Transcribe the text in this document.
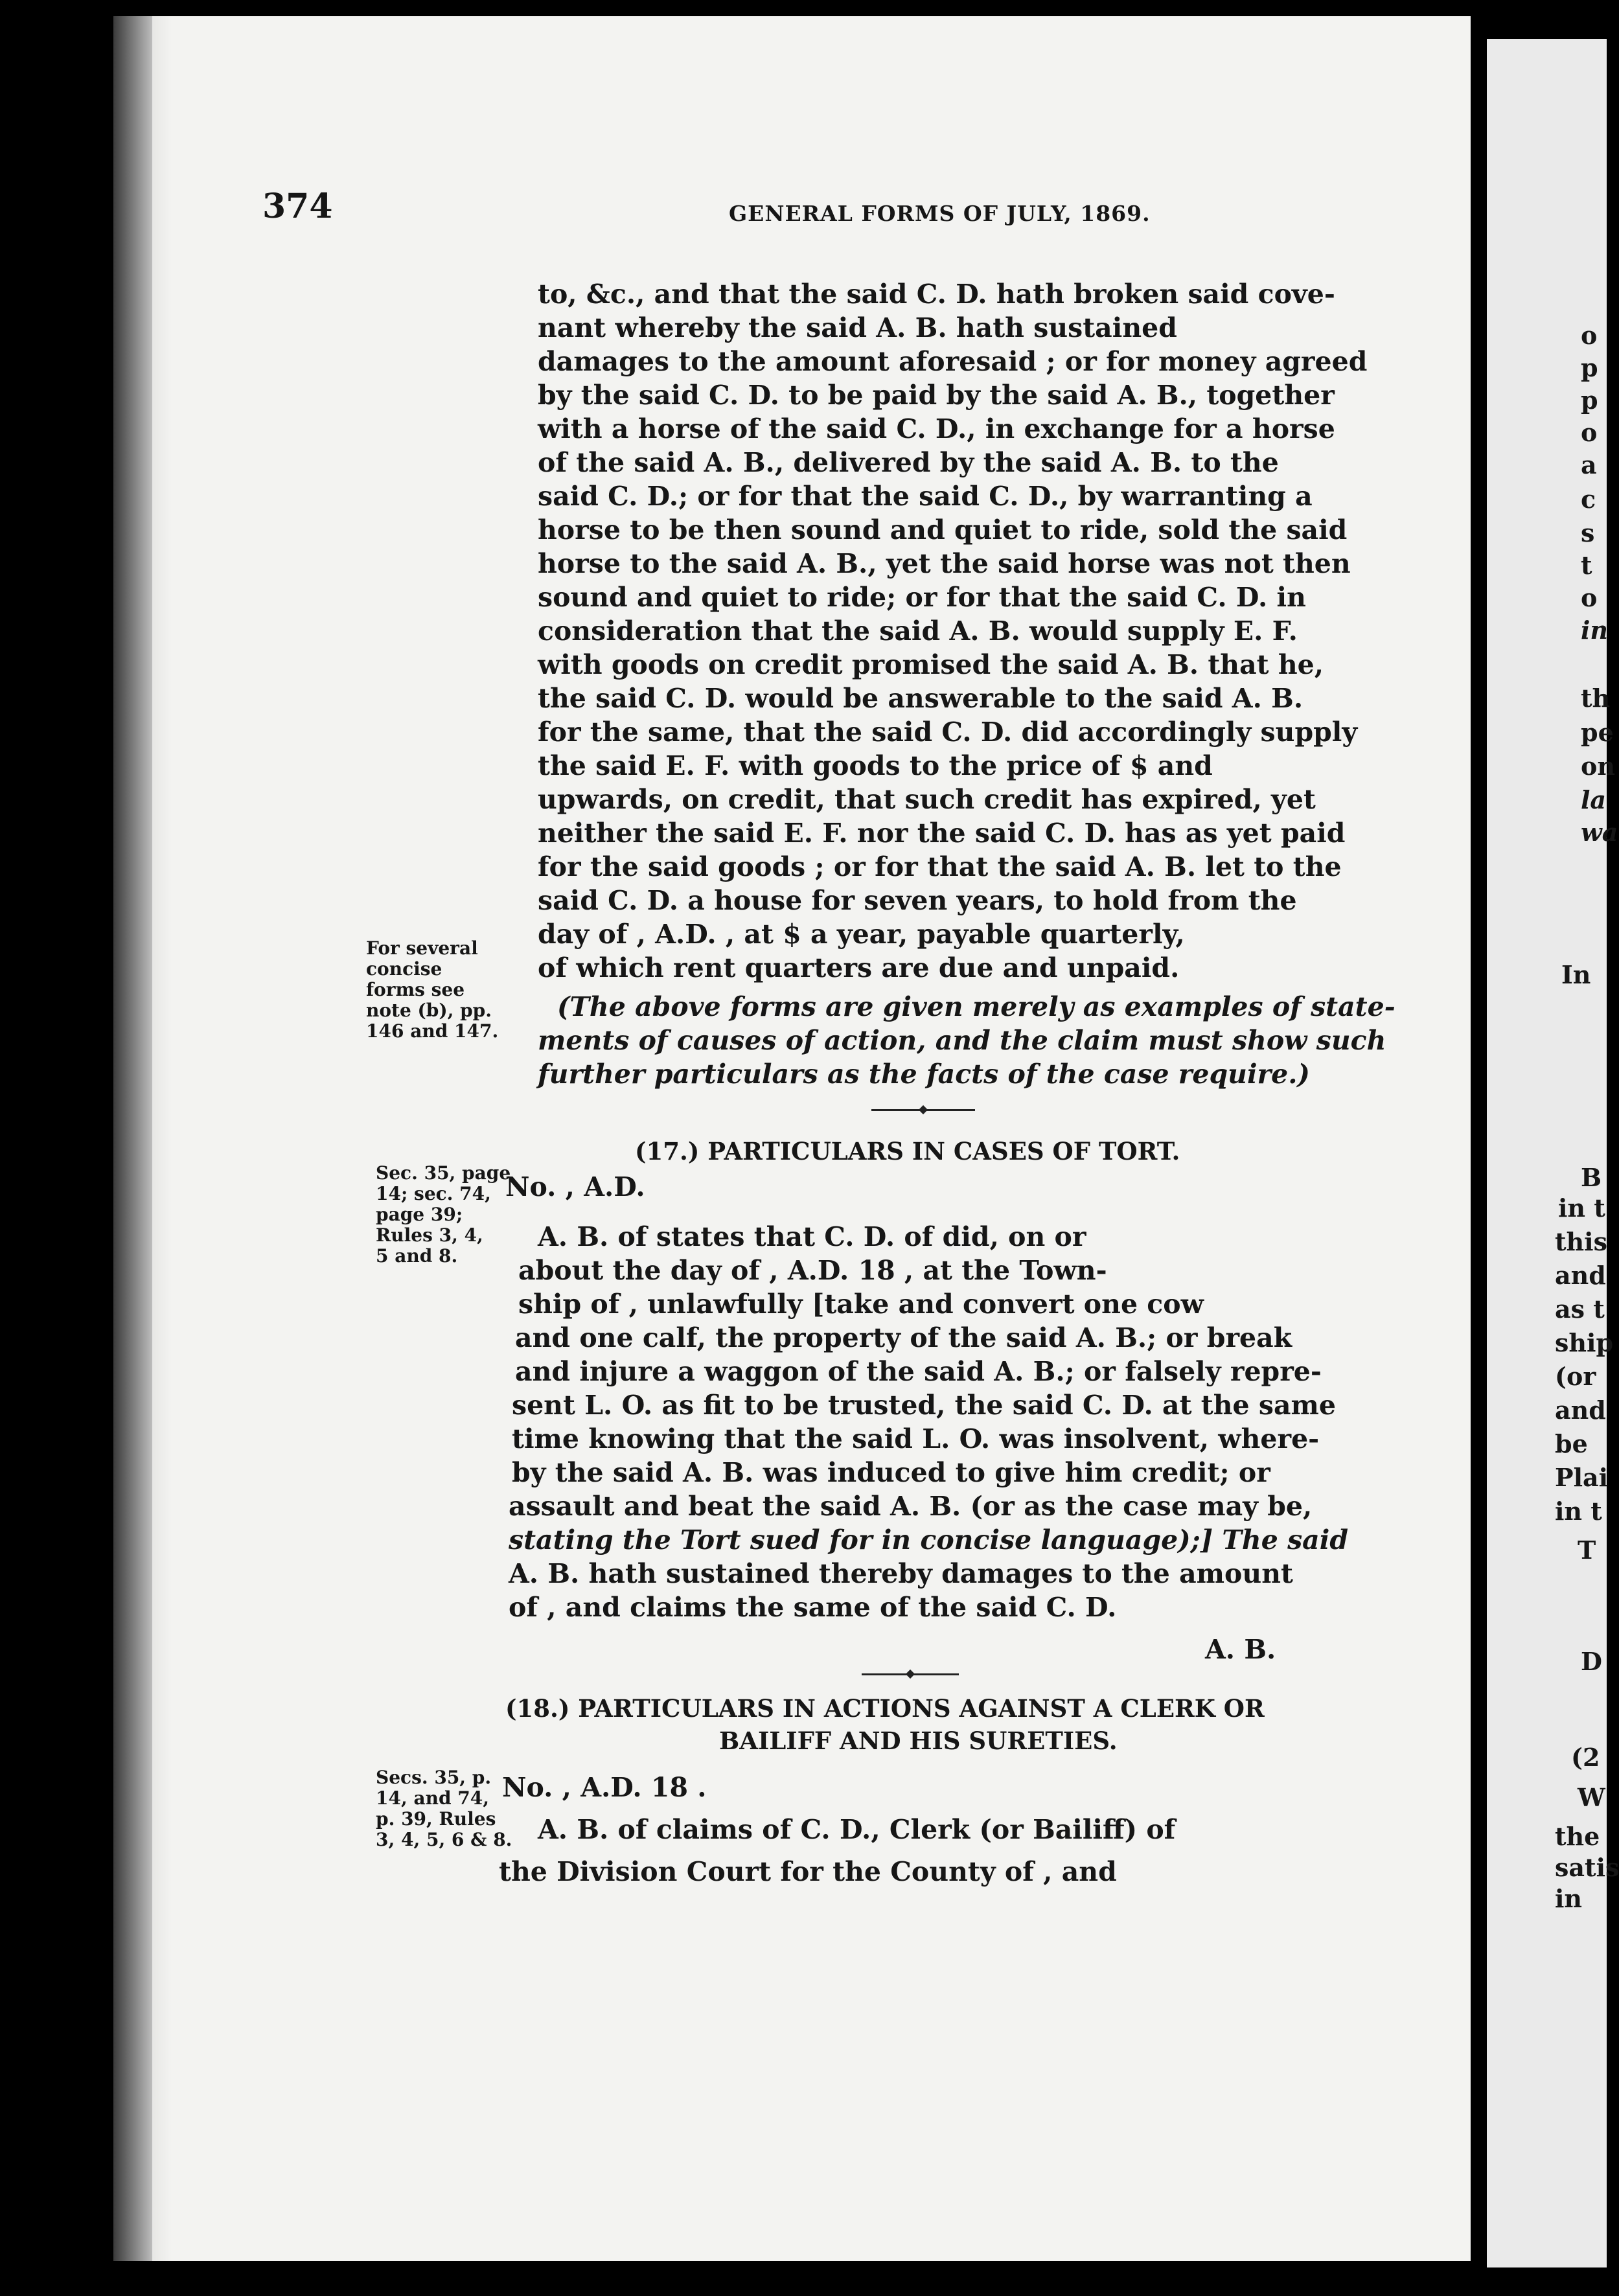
374	GENERAL FORMS OF JULY, 1869.
to, &c., and that the said C. D. hath broken said cove-
nant whereby the said A. B. hath sustained
damages to the amount aforesaid ; or for money agreed
by the said C. D. to be paid by the said A. B., together
with a horse of the said C. D., in exchange for a horse
of the said A. B., delivered by the said A. B. to the
said C. D.; or for that the said C. D., by warranting a
horse to be then sound and quiet to ride, sold the said
horse to the said A. B., yet the said horse was not then
sound and quiet to ride; or for that the said C. D. in
consideration that the said A. B. would supply E. F.
with goods on credit promised the said A. B. that he,
the said C. D. would be answerable to the said A. B.
for the same, that the said C. D. did accordingly supply
the said E. F. with goods to the price of $ and
upwards, on credit, that such credit has expired, yet
neither the said E. F. nor the said C. D. has as yet paid
for the said goods ; or for that the said A. B. let to the
said C. D. a house for seven years, to hold from the
day of , A.D. , at $ a year, payable quarterly,
of which rent quarters are due and unpaid.
(The above forms are given merely as examples of state-
ments of causes of action, and the claim must show such
further particulars as the facts of the case require.)
For several
concise
forms see
note (b), pp.
146 and 147.
(17.) PARTICULARS IN CASES OF TORT.
Sec. 35, page
14; sec. 74,
page 39;
Rules 3, 4,
5 and 8.
No. , A.D.
A. B. of states that C. D. of did, on or
about the day of , A.D. 18 , at the Town-
ship of , unlawfully [take and convert one cow
and one calf, the property of the said A. B.; or break
and injure a waggon of the said A. B.; or falsely repre-
sent L. O. as fit to be trusted, the said C. D. at the same
time knowing that the said L. O. was insolvent, where-
by the said A. B. was induced to give him credit; or
assault and beat the said A. B. (or as the case may be,
stating the Tort sued for in concise language);] The said
A. B. hath sustained thereby damages to the amount
of , and claims the same of the said C. D.
A. B.
(18.) PARTICULARS IN ACTIONS AGAINST A CLERK OR
BAILIFF AND HIS SURETIES.
Secs. 35, p.
14, and 74,
p. 39, Rules
3, 4, 5, 6 & 8.
No. , A.D. 18 .
A. B. of claims of C. D., Clerk (or Bailiff) of
the Division Court for the County of , and
o
p
p
o
a
c
s
t
o
in
th
pe
on
la
wa
In
B
in t
this
and
as t
ship
(or
and
be
Plai
in t
T
D
(2
W
the
satis
in
